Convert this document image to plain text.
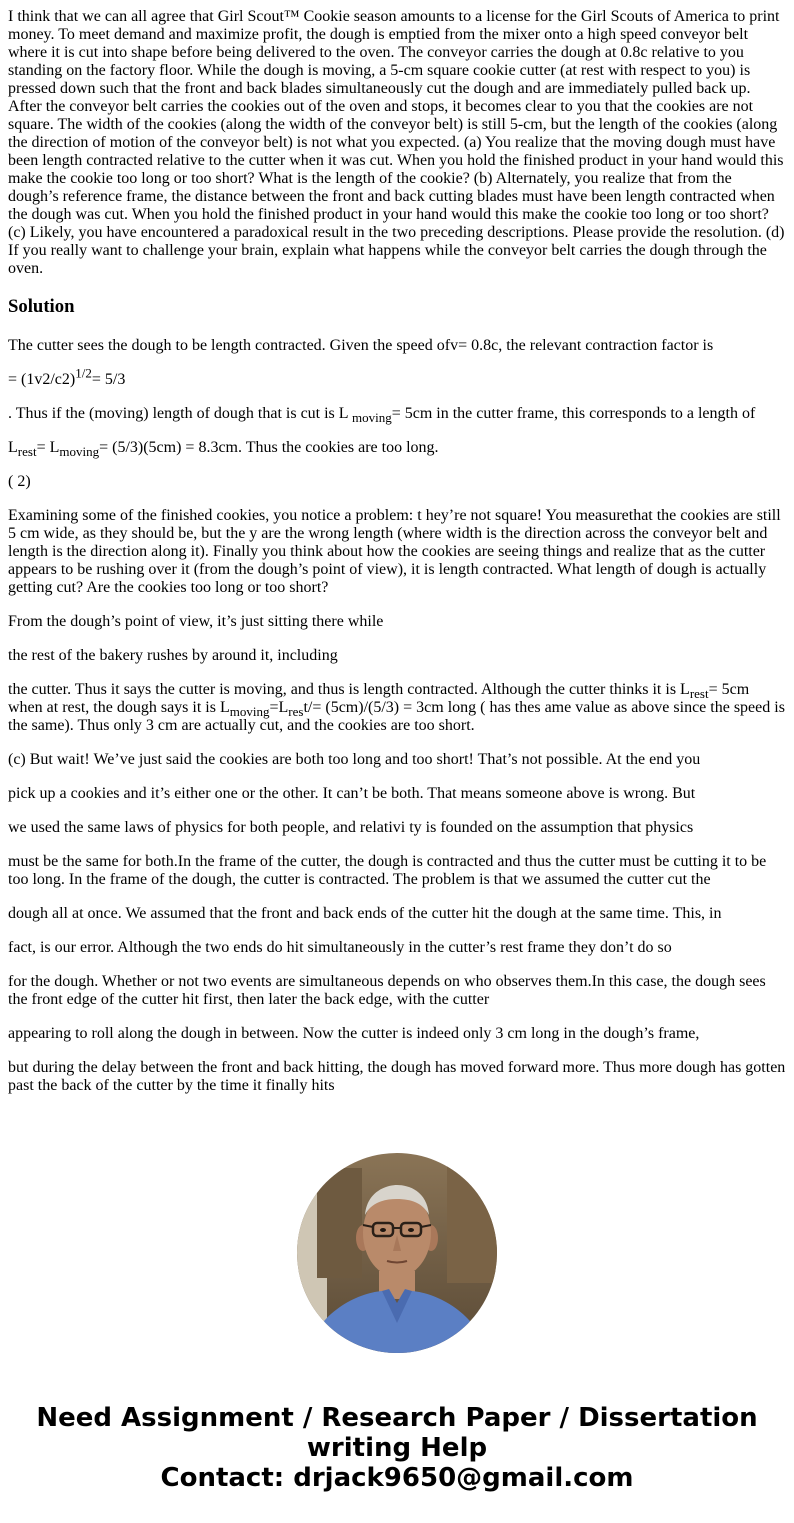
I think that we can all agree that Girl Scout™ Cookie season amounts to a license for the Girl Scouts of America to print money. To meet demand and maximize profit, the dough is emptied from the mixer onto a high speed conveyor belt where it is cut into shape before being delivered to the oven. The conveyor carries the dough at 0.8c relative to you standing on the factory floor. While the dough is moving, a 5-cm square cookie cutter (at rest with respect to you) is pressed down such that the front and back blades simultaneously cut the dough and are immediately pulled back up. After the conveyor belt carries the cookies out of the oven and stops, it becomes clear to you that the cookies are not square. The width of the cookies (along the width of the conveyor belt) is still 5-cm, but the length of the cookies (along the direction of motion of the conveyor belt) is not what you expected. (a) You realize that the moving dough must have been length contracted relative to the cutter when it was cut. When you hold the finished product in your hand would this make the cookie too long or too short? What is the length of the cookie? (b) Alternately, you realize that from the dough’s reference frame, the distance between the front and back cutting blades must have been length contracted when the dough was cut. When you hold the finished product in your hand would this make the cookie too long or too short? (c) Likely, you have encountered a paradoxical result in the two preceding descriptions. Please provide the resolution. (d) If you really want to challenge your brain, explain what happens while the conveyor belt carries the dough through the oven.

Solution

The cutter sees the dough to be length contracted. Given the speed ofv= 0.8c, the relevant contraction factor is

= $(1v2/c2)^{1/2}= 5/3$

. Thus if the (moving) length of dough that is cut is L $_{moving}$= 5cm in the cutter frame, this corresponds to a length of

$L_{rest}= L_{moving}= (5/3)(5cm) = 8.3cm$. Thus the cookies are too long.

( 2)

Examining some of the finished cookies, you notice a problem: t hey’re not square! You measurethat the cookies are still 5 cm wide, as they should be, but the y are the wrong length (where width is the direction across the conveyor belt and length is the direction along it). Finally you think about how the cookies are seeing things and realize that as the cutter appears to be rushing over it (from the dough’s point of view), it is length contracted. What length of dough is actually getting cut? Are the cookies too long or too short?

From the dough’s point of view, it’s just sitting there while

the rest of the bakery rushes by around it, including

the cutter. Thus it says the cutter is moving, and thus is length contracted. Although the cutter thinks it is $L_{rest}= 5cm$ when at rest, the dough says it is $L_{moving}=L_{res}t/= (5cm)/(5/3) = 3cm$ long ( has thes ame value as above since the speed is the same). Thus only 3 cm are actually cut, and the cookies are too short.

(c) But wait! We’ve just said the cookies are both too long and too short! That’s not possible. At the end you

pick up a cookies and it’s either one or the other. It can’t be both. That means someone above is wrong. But

we used the same laws of physics for both people, and relativi ty is founded on the assumption that physics

must be the same for both.In the frame of the cutter, the dough is contracted and thus the cutter must be cutting it to be too long. In the frame of the dough, the cutter is contracted. The problem is that we assumed the cutter cut the

dough all at once. We assumed that the front and back ends of the cutter hit the dough at the same time. This, in

fact, is our error. Although the two ends do hit simultaneously in the cutter’s rest frame they don’t do so

for the dough. Whether or not two events are simultaneous depends on who observes them.In this case, the dough sees the front edge of the cutter hit first, then later the back edge, with the cutter

appearing to roll along the dough in between. Now the cutter is indeed only 3 cm long in the dough’s frame,

but during the delay between the front and back hitting, the dough has moved forward more. Thus more dough has gotten past the back of the cutter by the time it finally hits

Need Assignment / Research Paper / Dissertation
writing Help
Contact: drjack9650@gmail.com
